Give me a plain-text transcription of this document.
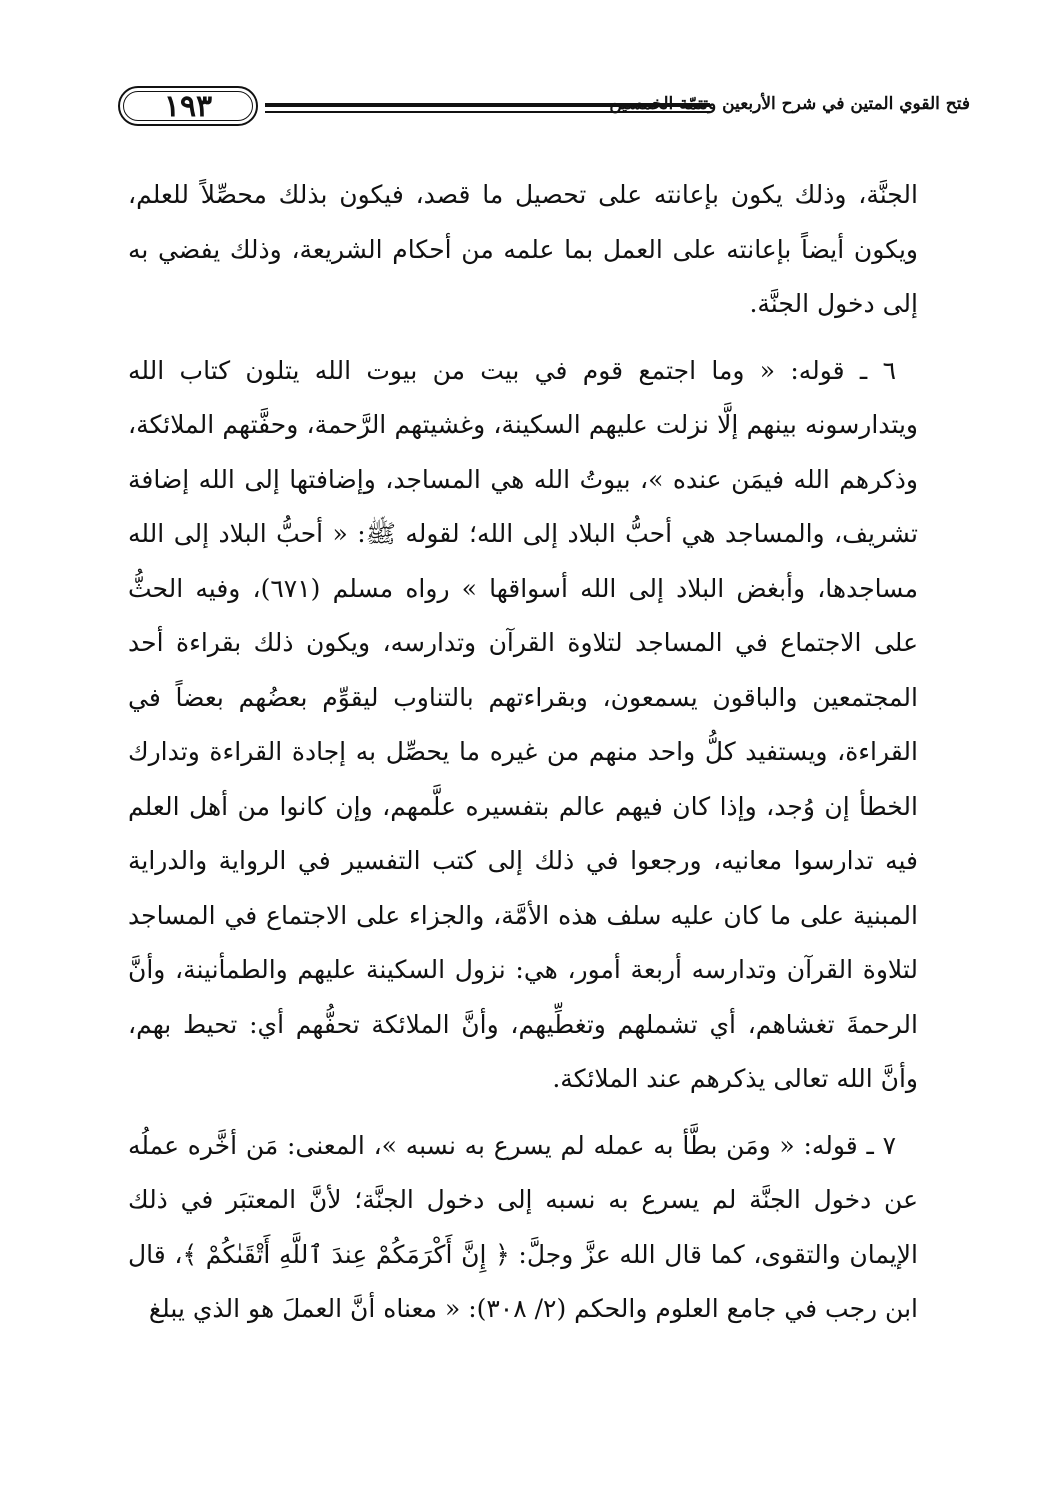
فتح القوي المتين في شرح الأربعين وتتمّة الخمسين
١٩٣

الجنَّة، وذلك يكون بإعانته على تحصيل ما قصد، فيكون بذلك محصِّلاً للعلم، ويكون أيضاً بإعانته على العمل بما علمه من أحكام الشريعة، وذلك يفضي به إلى دخول الجنَّة.

٦ ـ قوله: « وما اجتمع قوم في بيت من بيوت الله يتلون كتاب الله ويتدارسونه بينهم إلَّا نزلت عليهم السكينة، وغشيتهم الرَّحمة، وحفَّتهم الملائكة، وذكرهم الله فيمَن عنده »، بيوتُ الله هي المساجد، وإضافتها إلى الله إضافة تشريف، والمساجد هي أحبُّ البلاد إلى الله؛ لقوله ﷺ: « أحبُّ البلاد إلى الله مساجدها، وأبغض البلاد إلى الله أسواقها » رواه مسلم (٦٧١)، وفيه الحثُّ على الاجتماع في المساجد لتلاوة القرآن وتدارسه، ويكون ذلك بقراءة أحد المجتمعين والباقون يسمعون، وبقراءتهم بالتناوب ليقوِّم بعضُهم بعضاً في القراءة، ويستفيد كلُّ واحد منهم من غيره ما يحصِّل به إجادة القراءة وتدارك الخطأ إن وُجد، وإذا كان فيهم عالم بتفسيره علَّمهم، وإن كانوا من أهل العلم فيه تدارسوا معانيه، ورجعوا في ذلك إلى كتب التفسير في الرواية والدراية المبنية على ما كان عليه سلف هذه الأمَّة، والجزاء على الاجتماع في المساجد لتلاوة القرآن وتدارسه أربعة أمور، هي: نزول السكينة عليهم والطمأنينة، وأنَّ الرحمةَ تغشاهم، أي تشملهم وتغطِّيهم، وأنَّ الملائكة تحفُّهم أي: تحيط بهم، وأنَّ الله تعالى يذكرهم عند الملائكة.

٧ ـ قوله: « ومَن بطَّأ به عمله لم يسرع به نسبه »، المعنى: مَن أخَّره عملُه عن دخول الجنَّة لم يسرع به نسبه إلى دخول الجنَّة؛ لأنَّ المعتبَر في ذلك الإيمان والتقوى، كما قال الله عزَّ وجلَّ: ﴿ إِنَّ أَكْرَمَكُمْ عِندَ ٱللَّهِ أَتْقَىٰكُمْ ﴾، قال ابن رجب في جامع العلوم والحكم (٢/ ٣٠٨): « معناه أنَّ العملَ هو الذي يبلغ
